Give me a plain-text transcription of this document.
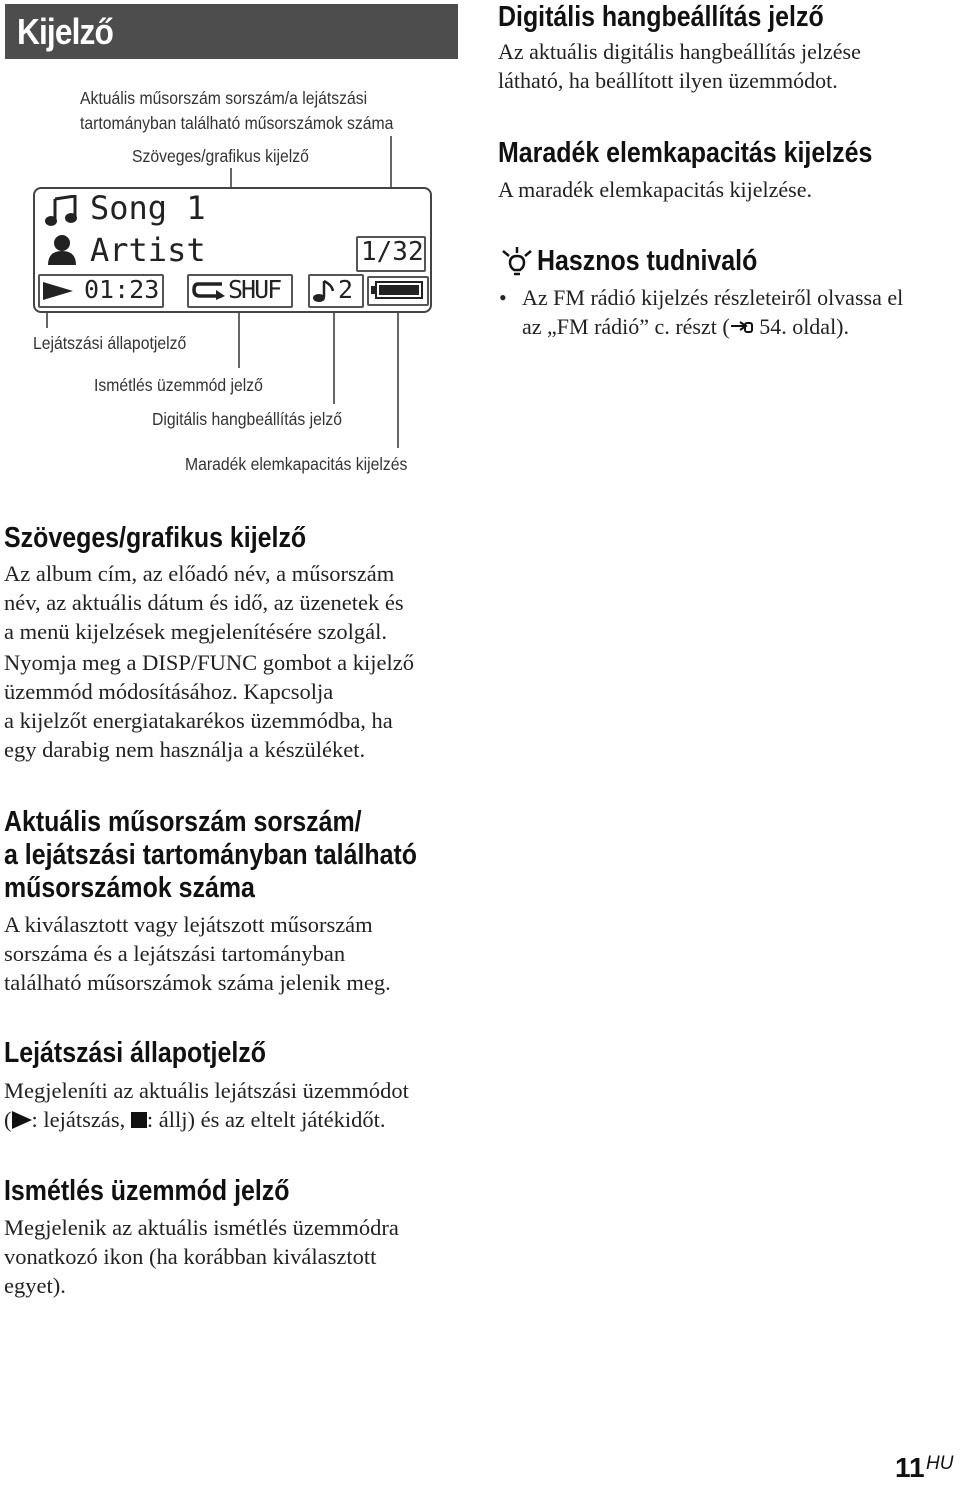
Kijelző
Aktuális műsorszám sorszám/a lejátszási
tartományban található műsorszámok száma
Szöveges/grafikus kijelző
Lejátszási állapotjelző
Ismétlés üzemmód jelző
Digitális hangbeállítás jelző
Maradék elemkapacitás kijelzés
Song 1
Artist	1/32
01:23	SHUF 2
Digitális hangbeállítás jelző
Az aktuális digitális hangbeállítás jelzése
látható, ha beállított ilyen üzemmódot.
Maradék elemkapacitás kijelzés
A maradék elemkapacitás kijelzése.
Hasznos tudnivaló
• Az FM rádió kijelzés részleteiről olvassa el
az „FM rádió” c. részt ( 54. oldal).
Szöveges/grafikus kijelző
Az album cím, az előadó név, a műsorszám
név, az aktuális dátum és idő, az üzenetek és
a menü kijelzések megjelenítésére szolgál.
Nyomja meg a DISP/FUNC gombot a kijelző
üzemmód módosításához. Kapcsolja
a kijelzőt energiatakarékos üzemmódba, ha
egy darabig nem használja a készüléket.
Aktuális műsorszám sorszám/
a lejátszási tartományban található
műsorszámok száma
A kiválasztott vagy lejátszott műsorszám
sorszáma és a lejátszási tartományban
található műsorszámok száma jelenik meg.
Lejátszási állapotjelző
Megjeleníti az aktuális lejátszási üzemmódot
( : lejátszás, : állj) és az eltelt játékidőt.
Ismétlés üzemmód jelző
Megjelenik az aktuális ismétlés üzemmódra
vonatkozó ikon (ha korábban kiválasztott
egyet).
11 HU
